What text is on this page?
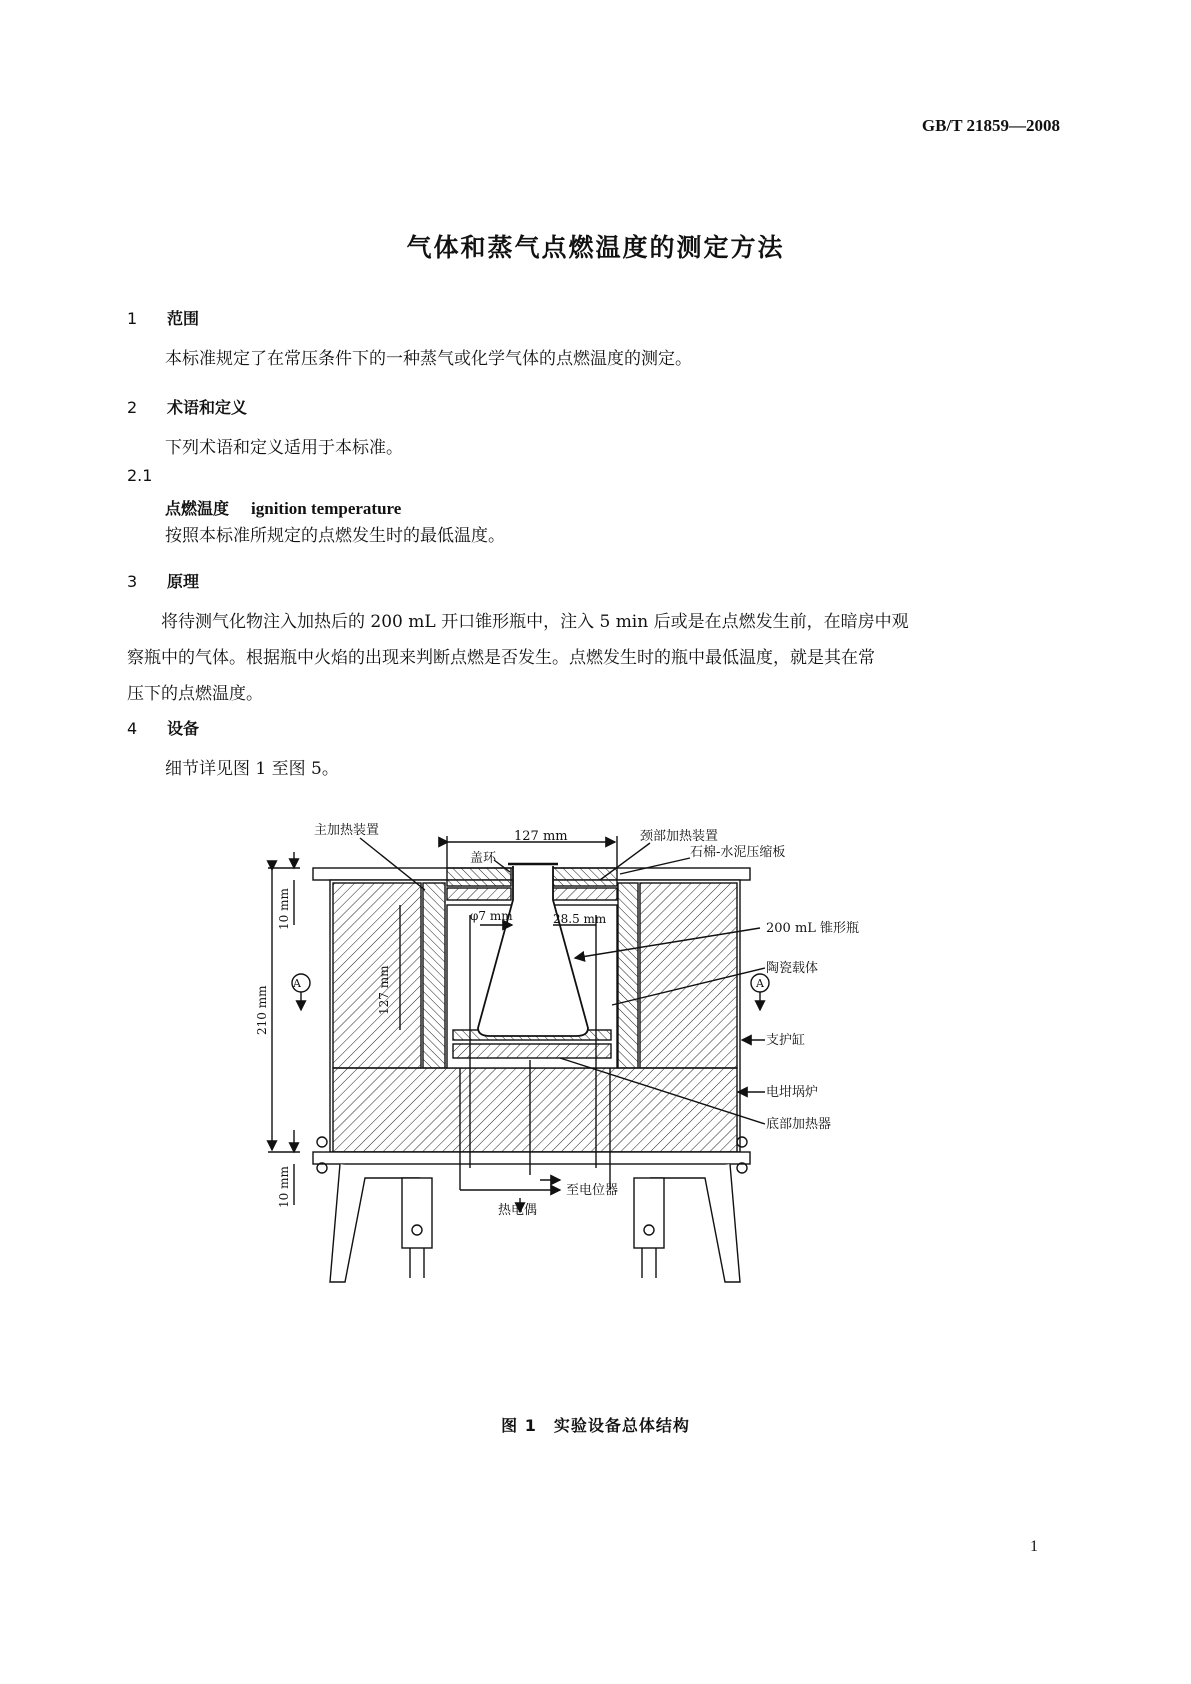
GB/T 21859—2008
气体和蒸气点燃温度的测定方法
1 范围
本标准规定了在常压条件下的一种蒸气或化学气体的点燃温度的测定。
2 术语和定义
下列术语和定义适用于本标准。
2.1
点燃温度 ignition temperature
按照本标准所规定的点燃发生时的最低温度。
3 原理
　　将待测气化物注入加热后的 200 mL 开口锥形瓶中，注入 5 min 后或是在点燃发生前，在暗房中观
察瓶中的气体。根据瓶中火焰的出现来判断点燃是否发生。点燃发生时的瓶中最低温度，就是其在常
压下的点燃温度。
4 设备
细节详见图 1 至图 5。
主加热装置	127 mm	颈部加热装置
盖环	石棉-水泥压缩板
φ7 mm	28.5 mm
200 mL 锥形瓶
陶瓷载体
支护缸
电坩埚炉
底部加热器
至电位器
热电偶
A	A
10 mm
210 mm	127 mm
10 mm
图 1　实验设备总体结构
1
